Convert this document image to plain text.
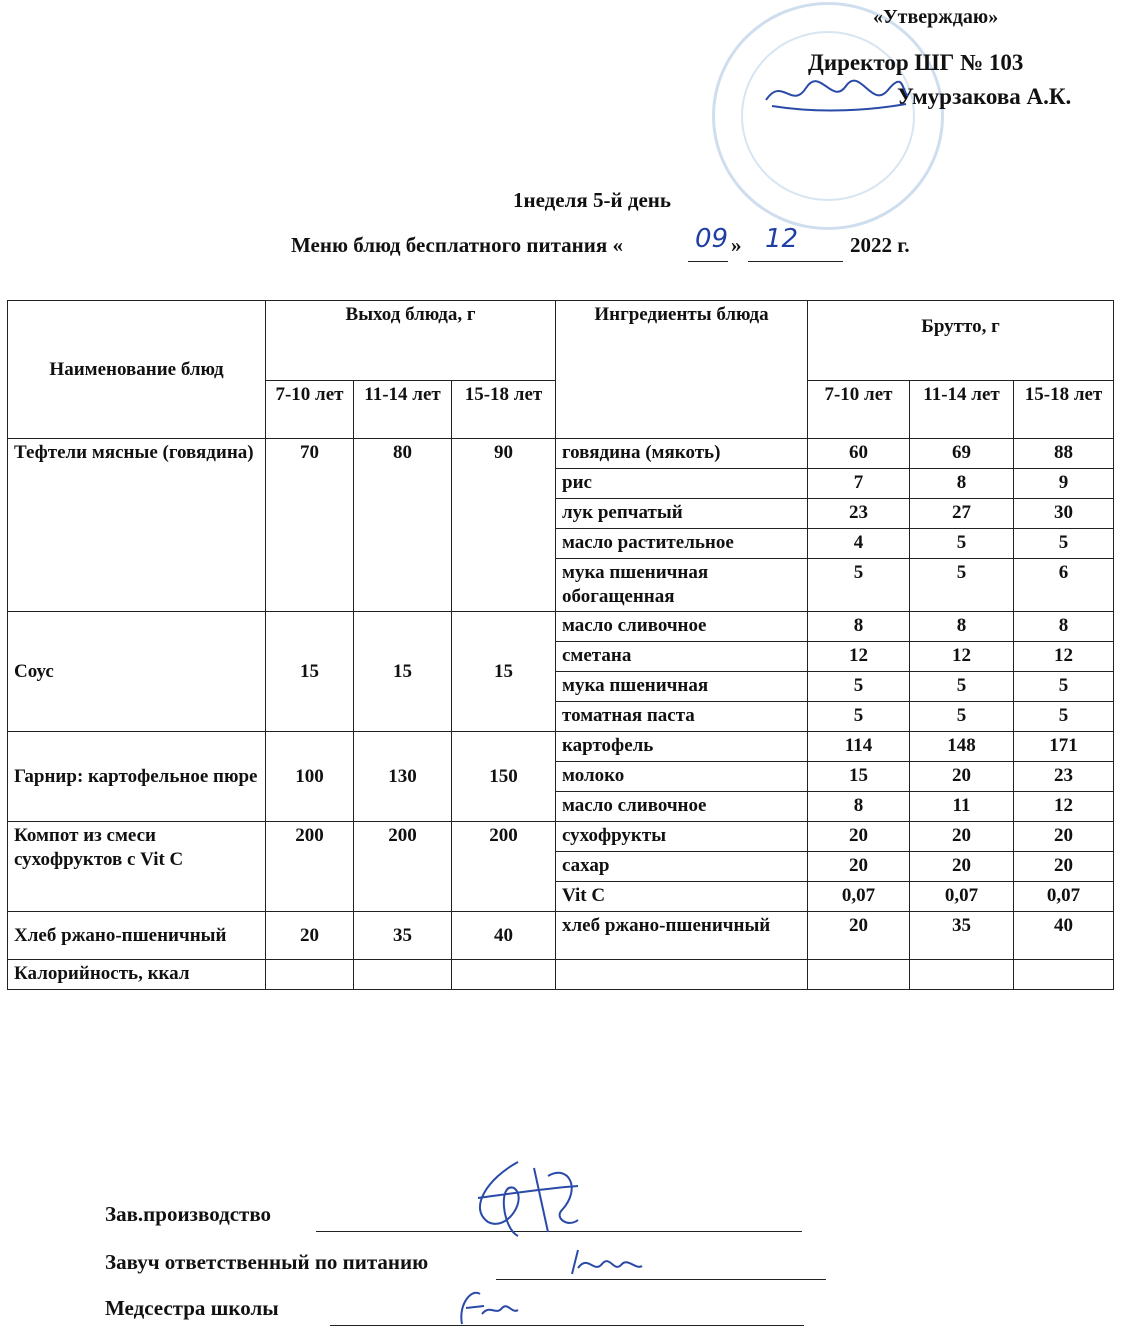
«Утверждаю»
Директор ШГ № 103
Умурзакова А.К.
1неделя 5-й день
Меню блюд бесплатного питания «	09 » 12 2022 г.
Наименование блюд	Выход блюда, г			Ингредиенты блюда	Брутто, г		
	7-10 лет	11-14 лет	15-18 лет		7-10 лет	11-14 лет	15-18 лет
Тефтели мясные (говядина)	70	80	90	говядина (мякоть)	60	69	88
				рис	7	8	9
				лук репчатый	23	27	30
				масло растительное	4	5	5
				мука пшеничная обогащенная	5	5	6
Соус	15	15	15	масло сливочное	8	8	8
				сметана	12	12	12
				мука пшеничная	5	5	5
				томатная паста	5	5	5
Гарнир: картофельное пюре	100	130	150	картофель	114	148	171
				молоко	15	20	23
				масло сливочное	8	11	12
Компот из смеси сухофруктов с Vit C	200	200	200	сухофрукты	20	20	20
				сахар	20	20	20
				Vit C	0,07	0,07	0,07
Хлеб ржано-пшеничный	20	35	40	хлеб ржано-пшеничный	20	35	40
Калорийность, ккал							
Зав.производство
Завуч ответственный по питанию
Медсестра школы
